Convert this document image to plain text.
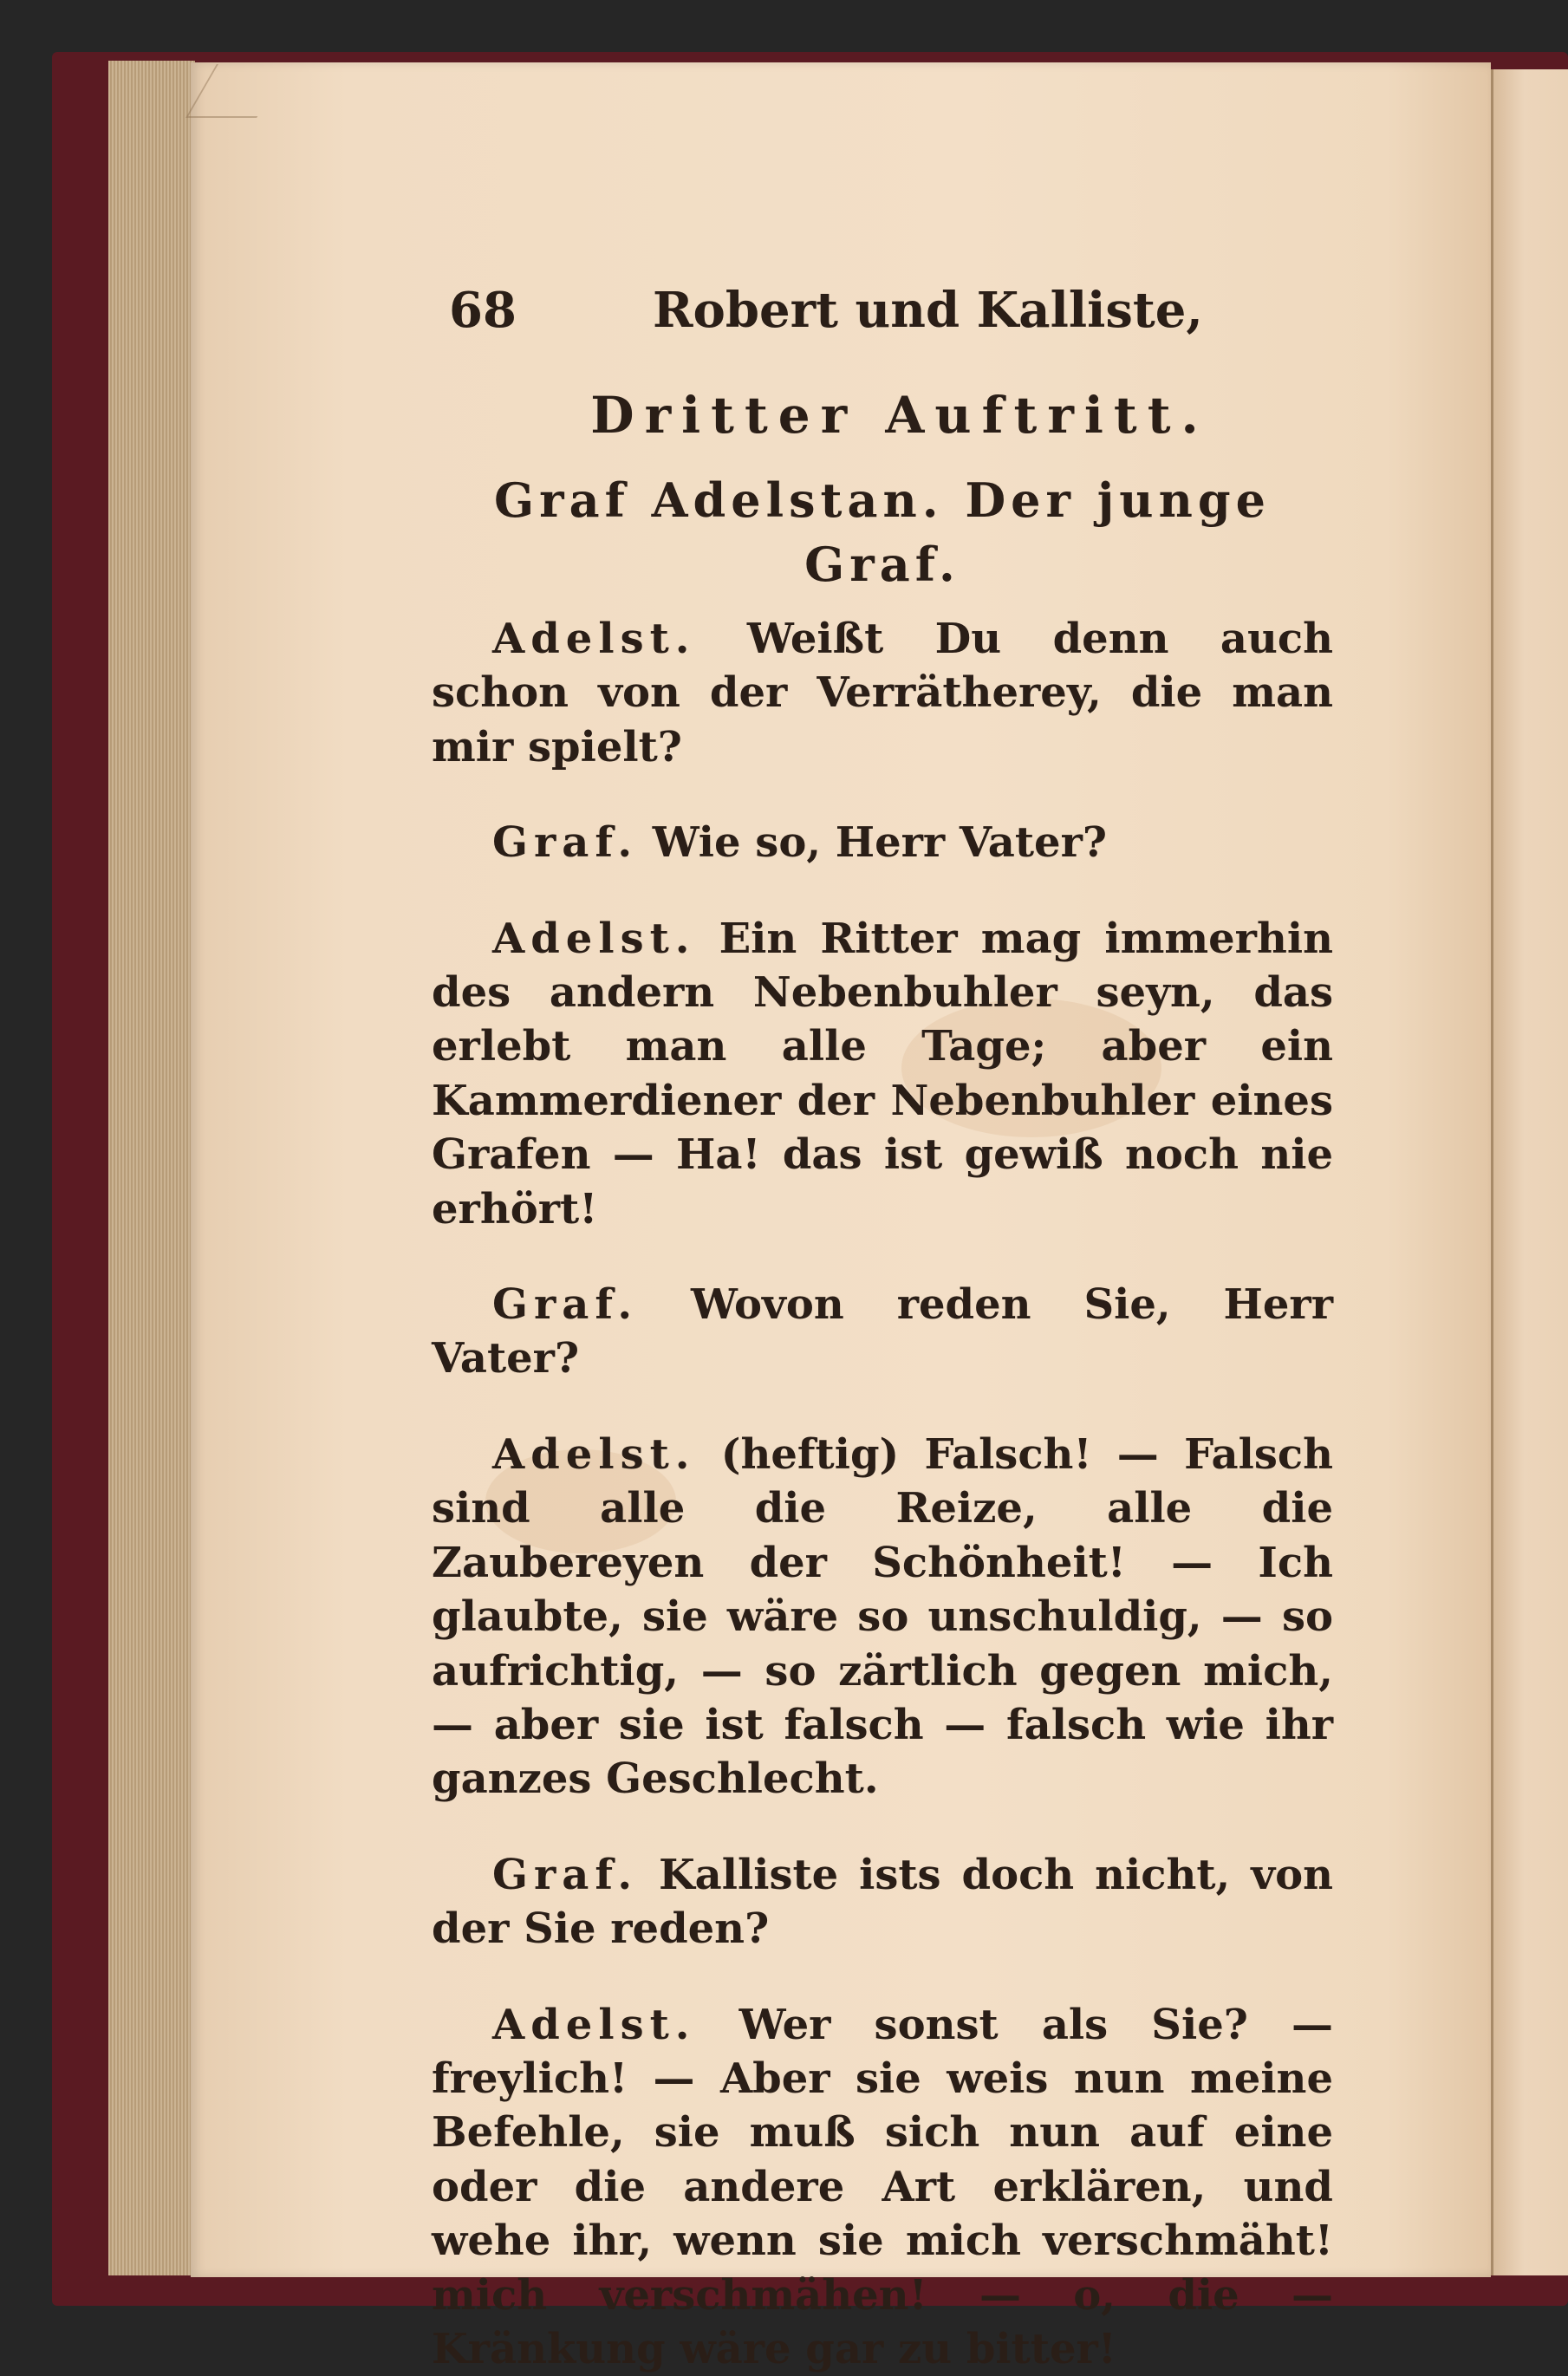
68	Robert und Kalliste,
Dritter Auftritt.
Graf Adelstan. Der junge Graf.

Adelst. Weißt Du denn auch schon von der Verrätherey, die man mir spielt?

Graf. Wie so, Herr Vater?

Adelst. Ein Ritter mag immerhin des andern Nebenbuhler seyn, das erlebt man alle Tage; aber ein Kammerdiener der Nebenbuhler eines Grafen — Ha! das ist gewiß noch nie erhört!

Graf. Wovon reden Sie, Herr Vater?

Adelst. (heftig) Falsch! — Falsch sind alle die Reize, alle die Zaubereyen der Schönheit! — Ich glaubte, sie wäre so unschuldig, — so aufrichtig, — so zärtlich gegen mich, — aber sie ist falsch — falsch wie ihr ganzes Geschlecht.

Graf. Kalliste ists doch nicht, von der Sie reden?

Adelst. Wer sonst als Sie? — freylich! — Aber sie weis nun meine Befehle, sie muß sich nun auf eine oder die andere Art erklären, und wehe ihr, wenn sie mich verschmäht! mich verschmähen! — o, die — Kränkung wäre gar zu bitter!
